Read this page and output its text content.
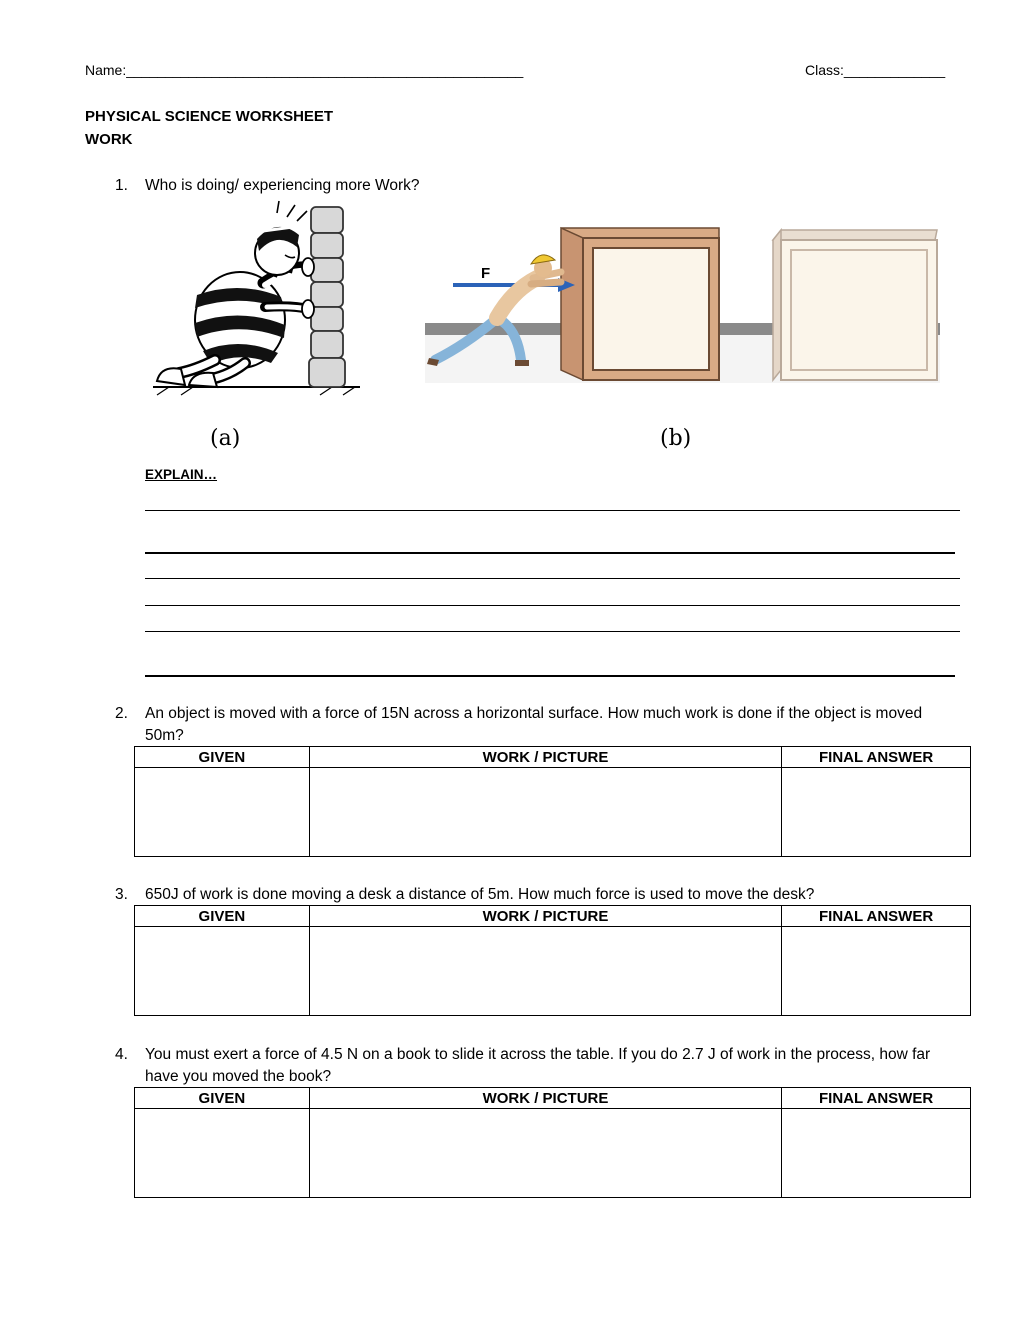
Name:___________________________________________________	Class:_____________
PHYSICAL SCIENCE WORKSHEET
WORK
1. Who is doing/ experiencing more Work?
F
(a)	(b)
EXPLAIN…
2. An object is moved with a force of 15N across a horizontal surface. How much work is done if the object is moved 50m?
GIVEN	WORK / PICTURE	FINAL ANSWER

3. 650J of work is done moving a desk a distance of 5m. How much force is used to move the desk?
GIVEN	WORK / PICTURE	FINAL ANSWER

4. You must exert a force of 4.5 N on a book to slide it across the table. If you do 2.7 J of work in the process, how far have you moved the book?
GIVEN	WORK / PICTURE	FINAL ANSWER
